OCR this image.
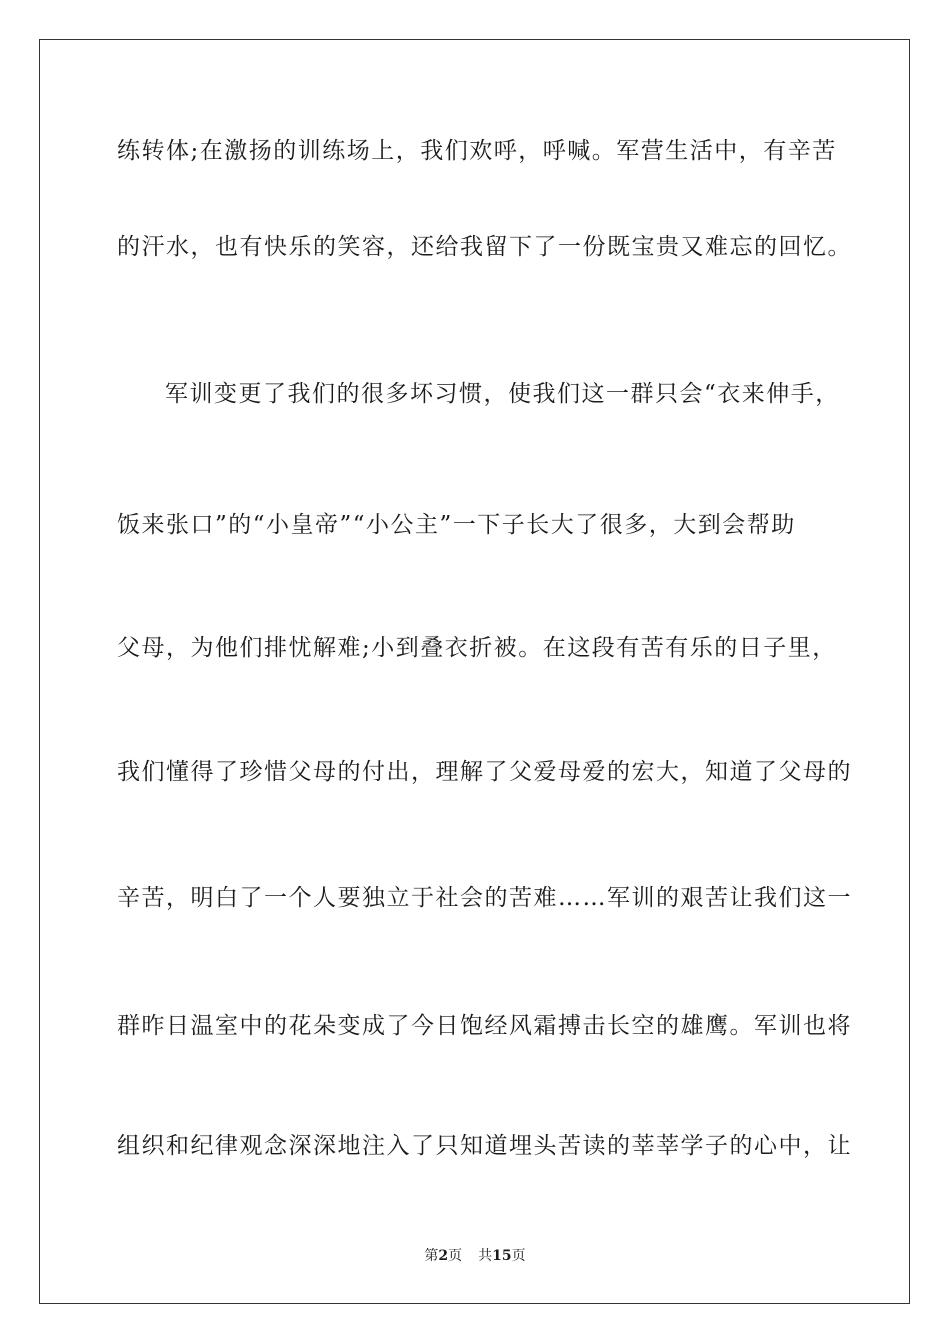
练转体;在激扬的训练场上，我们欢呼，呼喊。军营生活中，有辛苦
的汗水，也有快乐的笑容，还给我留下了一份既宝贵又难忘的回忆。
军训变更了我们的很多坏习惯，使我们这一群只会“衣来伸手，
饭来张口”的“小皇帝”“小公主”一下子长大了很多，大到会帮助
父母，为他们排忧解难;小到叠衣折被。在这段有苦有乐的日子里，
我们懂得了珍惜父母的付出，理解了父爱母爱的宏大，知道了父母的
辛苦，明白了一个人要独立于社会的苦难……军训的艰苦让我们这一
群昨日温室中的花朵变成了今日饱经风霜搏击长空的雄鹰。军训也将
组织和纪律观念深深地注入了只知道埋头苦读的莘莘学子的心中，让
第2页 共15页
